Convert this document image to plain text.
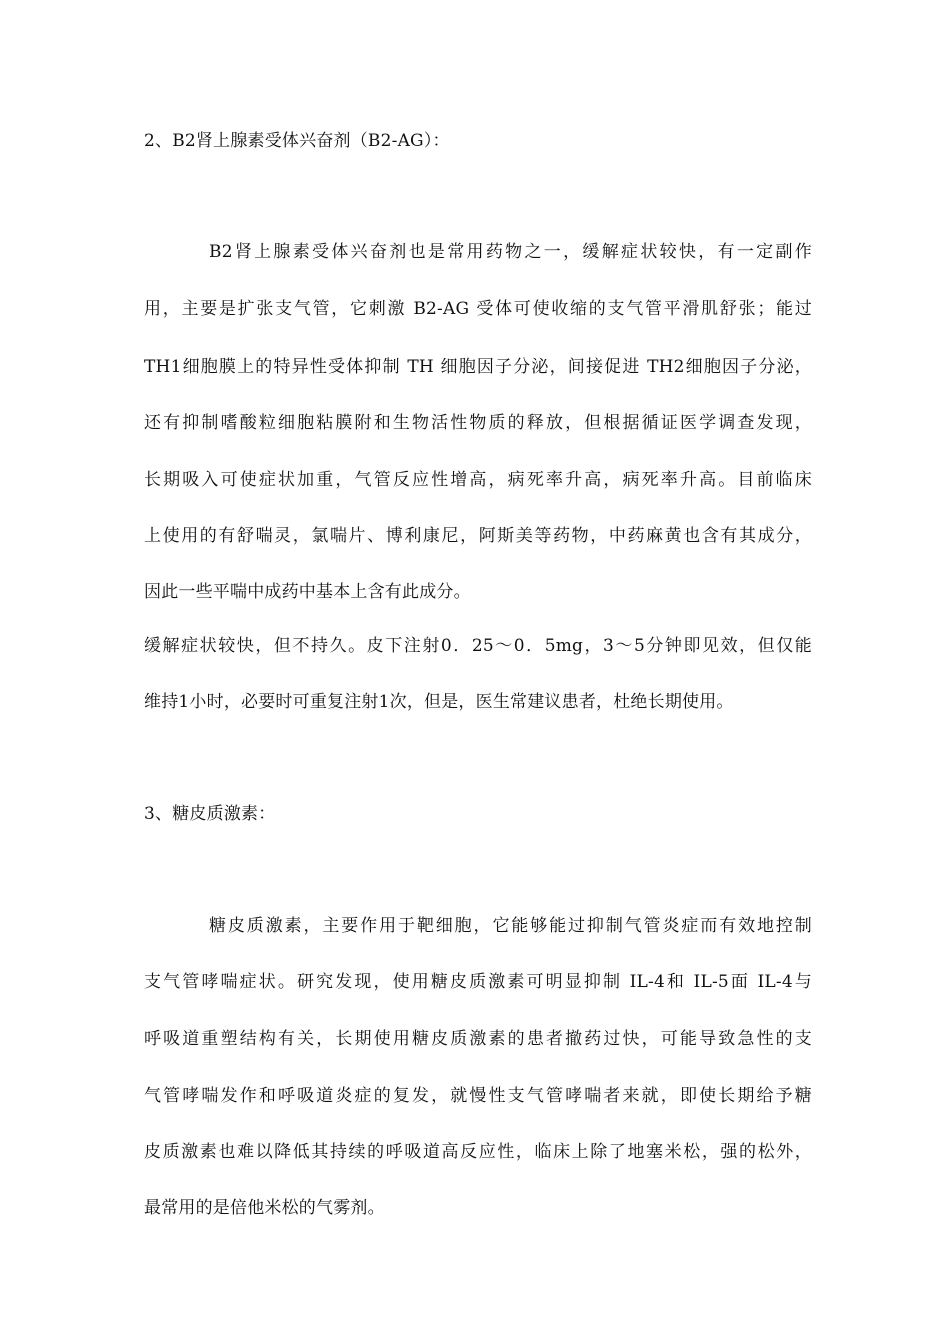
2、B2肾上腺素受体兴奋剂（B2-AG）：
B2肾上腺素受体兴奋剂也是常用药物之一，缓解症状较快，有一定副作
用，主要是扩张支气管，它刺激 B2-AG 受体可使收缩的支气管平滑肌舒张；能过
TH1细胞膜上的特异性受体抑制 TH 细胞因子分泌，间接促进 TH2细胞因子分泌，
还有抑制嗜酸粒细胞粘膜附和生物活性物质的释放，但根据循证医学调查发现，
长期吸入可使症状加重，气管反应性增高，病死率升高，病死率升高。目前临床
上使用的有舒喘灵，氯喘片、博利康尼，阿斯美等药物，中药麻黄也含有其成分，
因此一些平喘中成药中基本上含有此成分。
缓解症状较快，但不持久。皮下注射0．25～0．5mg，3～5分钟即见效，但仅能
维持1小时，必要时可重复注射1次，但是，医生常建议患者，杜绝长期使用。
3、糖皮质激素：
糖皮质激素，主要作用于靶细胞，它能够能过抑制气管炎症而有效地控制
支气管哮喘症状。研究发现，使用糖皮质激素可明显抑制 IL-4和 IL-5面 IL-4与
呼吸道重塑结构有关，长期使用糖皮质激素的患者撤药过快，可能导致急性的支
气管哮喘发作和呼吸道炎症的复发，就慢性支气管哮喘者来就，即使长期给予糖
皮质激素也难以降低其持续的呼吸道高反应性，临床上除了地塞米松，强的松外，
最常用的是倍他米松的气雾剂。
